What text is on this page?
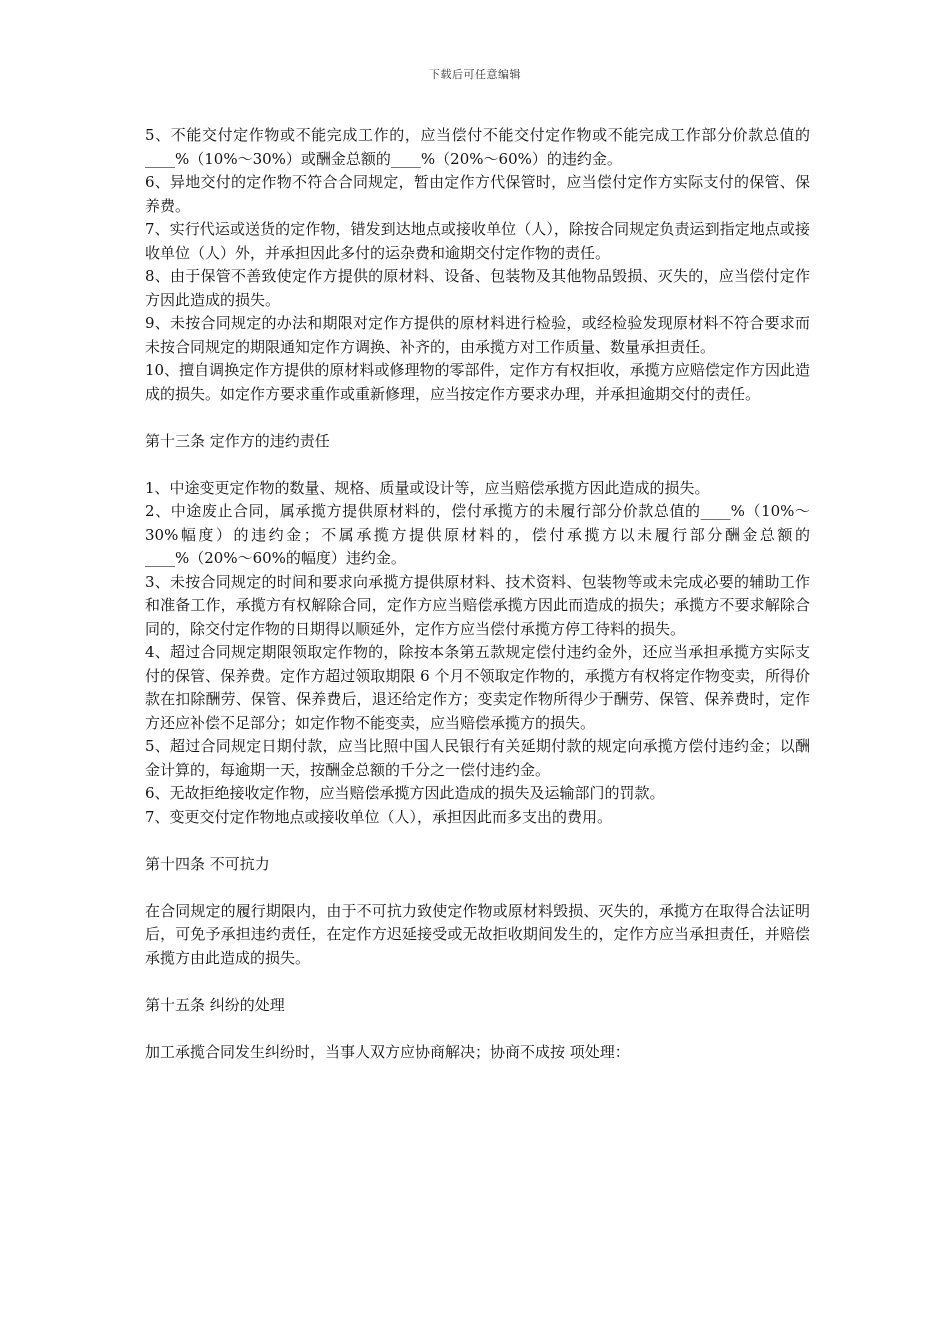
下载后可任意编辑

5、不能交付定作物或不能完成工作的，应当偿付不能交付定作物或不能完成工作部分价款总值的____%（10%～30%）或酬金总额的____%（20%～60%）的违约金。

6、异地交付的定作物不符合合同规定，暂由定作方代保管时，应当偿付定作方实际支付的保管、保养费。

7、实行代运或送货的定作物，错发到达地点或接收单位（人），除按合同规定负责运到指定地点或接收单位（人）外，并承担因此多付的运杂费和逾期交付定作物的责任。

8、由于保管不善致使定作方提供的原材料、设备、包装物及其他物品毁损、灭失的，应当偿付定作方因此造成的损失。

9、未按合同规定的办法和期限对定作方提供的原材料进行检验，或经检验发现原材料不符合要求而未按合同规定的期限通知定作方调换、补齐的，由承揽方对工作质量、数量承担责任。

10、擅自调换定作方提供的原材料或修理物的零部件，定作方有权拒收，承揽方应赔偿定作方因此造成的损失。如定作方要求重作或重新修理，应当按定作方要求办理，并承担逾期交付的责任。

第十三条 定作方的违约责任

1、中途变更定作物的数量、规格、质量或设计等，应当赔偿承揽方因此造成的损失。

2、中途废止合同，属承揽方提供原材料的，偿付承揽方的未履行部分价款总值的____%（10%～30%幅度）的违约金；不属承揽方提供原材料的，偿付承揽方以未履行部分酬金总额的____%（20%～60%的幅度）违约金。

3、未按合同规定的时间和要求向承揽方提供原材料、技术资料、包装物等或未完成必要的辅助工作和准备工作，承揽方有权解除合同，定作方应当赔偿承揽方因此而造成的损失；承揽方不要求解除合同的，除交付定作物的日期得以顺延外，定作方应当偿付承揽方停工待料的损失。

4、超过合同规定期限领取定作物的，除按本条第五款规定偿付违约金外，还应当承担承揽方实际支付的保管、保养费。定作方超过领取期限 6 个月不领取定作物的，承揽方有权将定作物变卖，所得价款在扣除酬劳、保管、保养费后，退还给定作方；变卖定作物所得少于酬劳、保管、保养费时，定作方还应补偿不足部分；如定作物不能变卖，应当赔偿承揽方的损失。

5、超过合同规定日期付款，应当比照中国人民银行有关延期付款的规定向承揽方偿付违约金；以酬金计算的，每逾期一天，按酬金总额的千分之一偿付违约金。

6、无故拒绝接收定作物，应当赔偿承揽方因此造成的损失及运输部门的罚款。

7、变更交付定作物地点或接收单位（人），承担因此而多支出的费用。

第十四条 不可抗力

在合同规定的履行期限内，由于不可抗力致使定作物或原材料毁损、灭失的，承揽方在取得合法证明后，可免予承担违约责任，在定作方迟延接受或无故拒收期间发生的，定作方应当承担责任，并赔偿承揽方由此造成的损失。

第十五条 纠纷的处理

加工承揽合同发生纠纷时，当事人双方应协商解决；协商不成按 项处理：
